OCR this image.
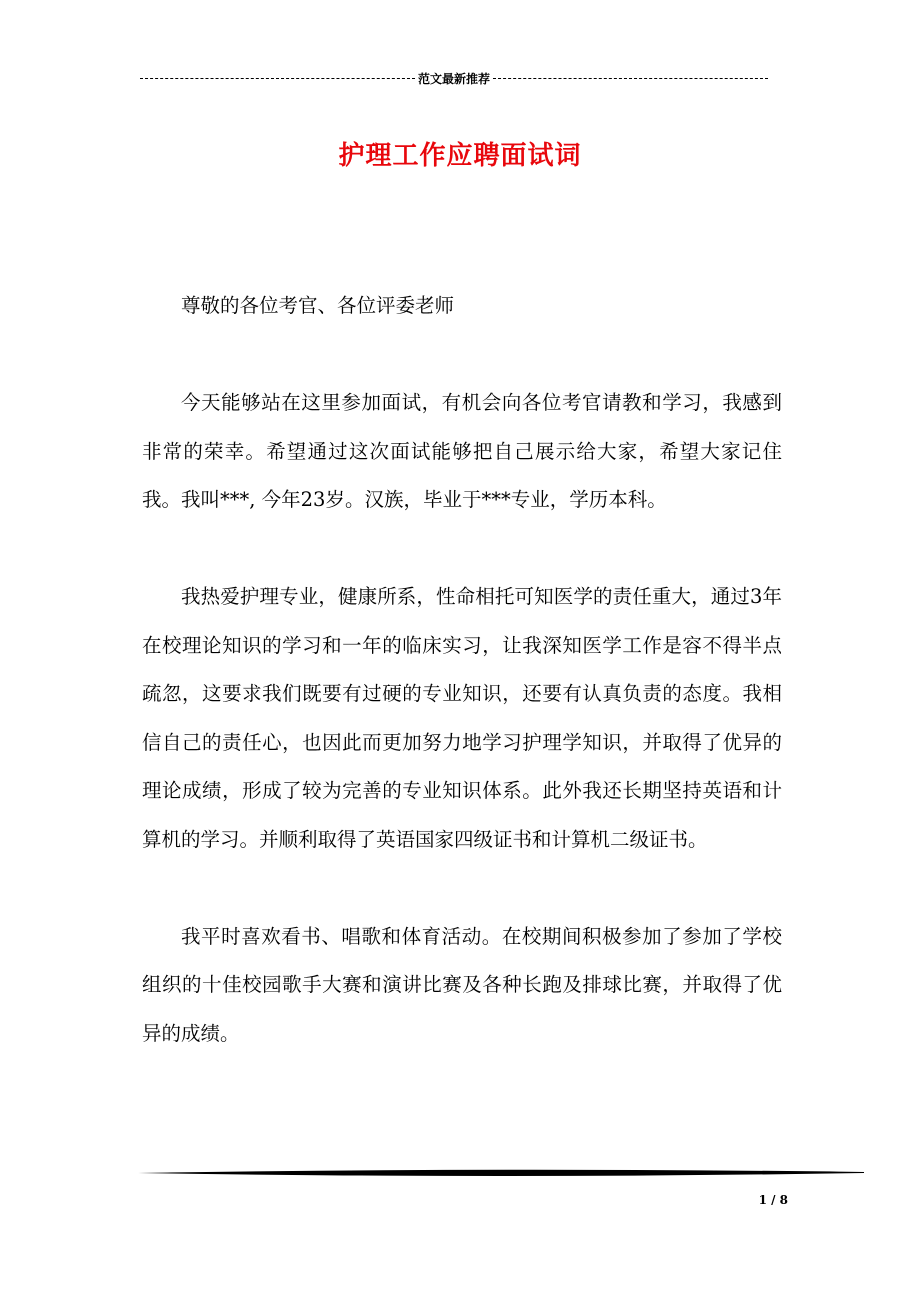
范文最新推荐
护理工作应聘面试词

尊敬的各位考官、各位评委老师

今天能够站在这里参加面试，有机会向各位考官请教和学习，我感到非常的荣幸。希望通过这次面试能够把自己展示给大家，希望大家记住我。我叫***, 今年23岁。汉族，毕业于***专业，学历本科。

我热爱护理专业，健康所系，性命相托可知医学的责任重大，通过3年在校理论知识的学习和一年的临床实习，让我深知医学工作是容不得半点疏忽，这要求我们既要有过硬的专业知识，还要有认真负责的态度。我相信自己的责任心，也因此而更加努力地学习护理学知识，并取得了优异的理论成绩，形成了较为完善的专业知识体系。此外我还长期坚持英语和计算机的学习。并顺利取得了英语国家四级证书和计算机二级证书。

我平时喜欢看书、唱歌和体育活动。在校期间积极参加了参加了学校组织的十佳校园歌手大赛和演讲比赛及各种长跑及排球比赛，并取得了优异的成绩。

1 / 8
